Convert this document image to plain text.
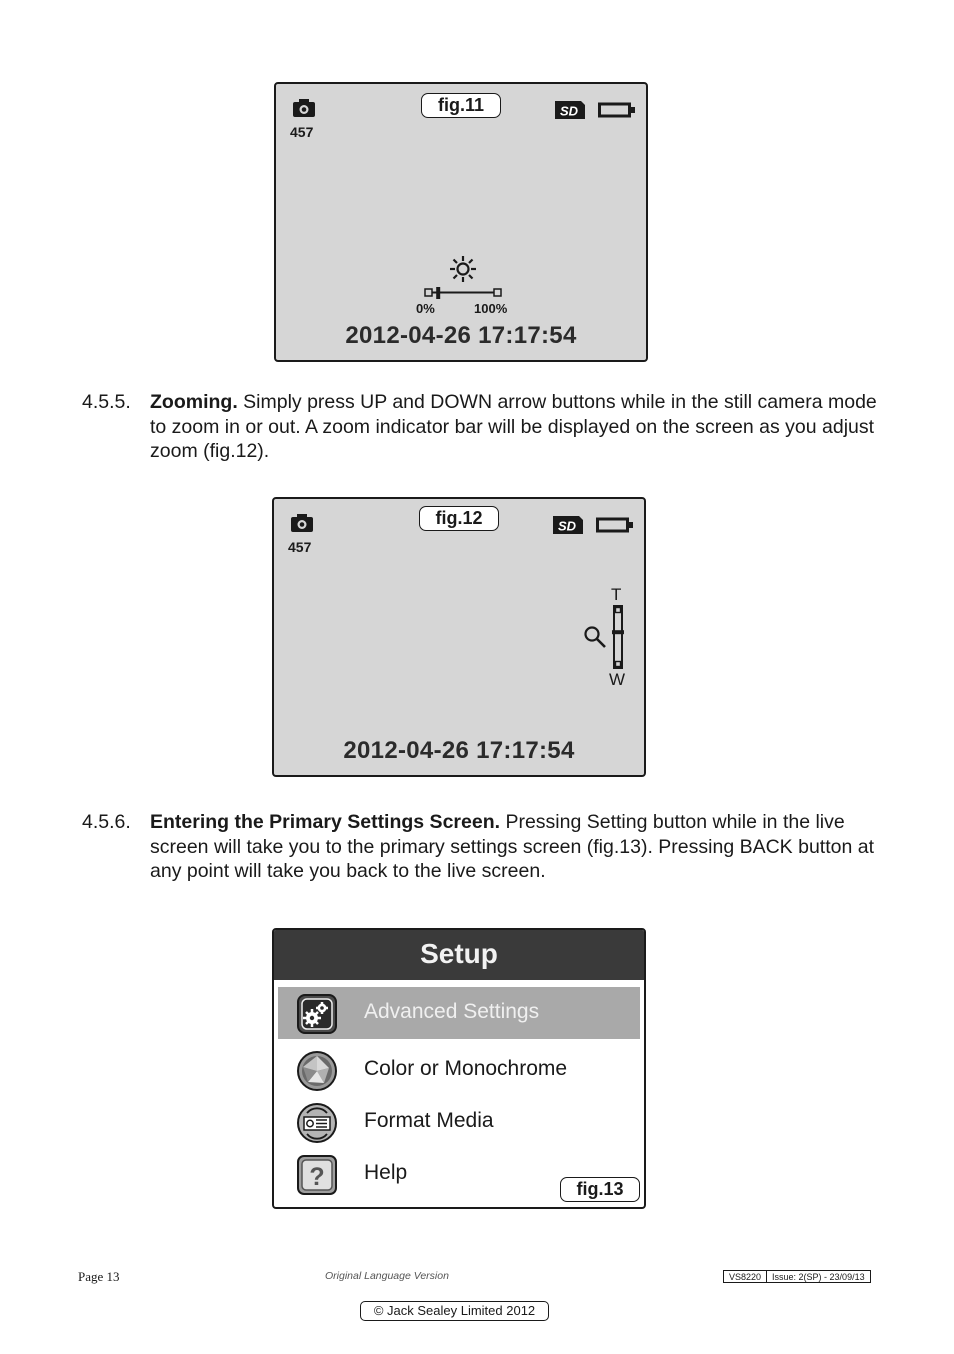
fig.11
457
SD
0%	100%
2012-04-26 17:17:54
4.5.5. Zooming. Simply press UP and DOWN arrow buttons while in the still camera mode to zoom in or out. A zoom indicator bar will be displayed on the screen as you adjust zoom (fig.12).
fig.12
457
SD
T
W
2012-04-26 17:17:54
4.5.6. Entering the Primary Settings Screen. Pressing Setting button while in the live screen will take you to the primary settings screen (fig.13). Pressing BACK button at any point will take you back to the live screen.
Setup
Advanced Settings
Color or Monochrome
Format Media
? Help
fig.13
Page 13	Original Language Version	VS8220	Issue: 2(SP) - 23/09/13
© Jack Sealey Limited 2012
